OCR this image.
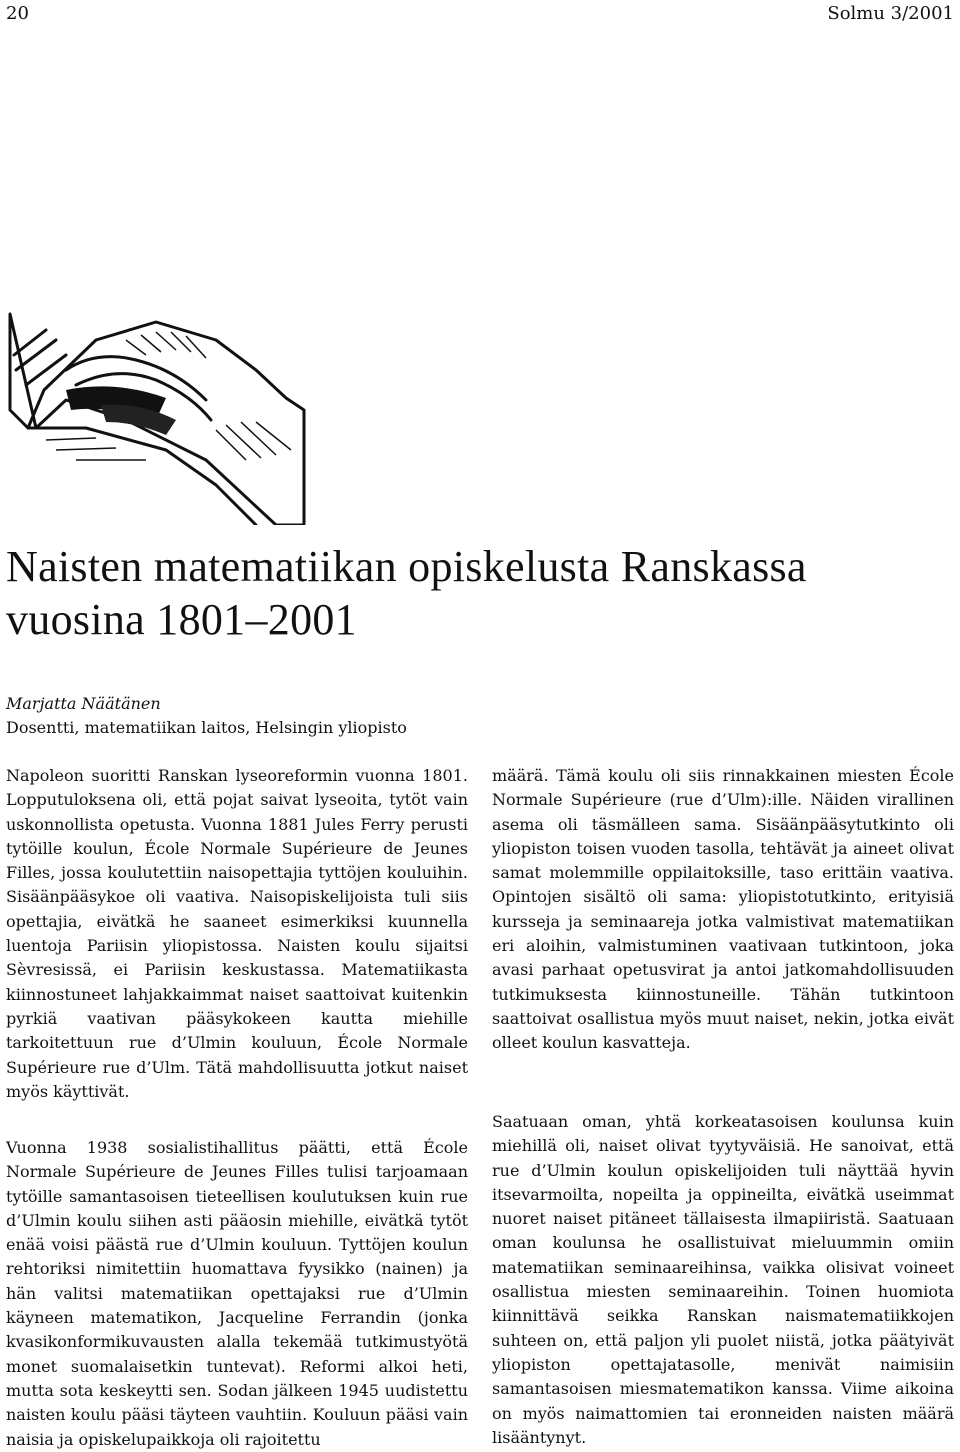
20	Solmu 3/2001
Naisten matematiikan opiskelusta Ranskassa vuosina 1801–2001
Marjatta Näätänen
Dosentti, matematiikan laitos, Helsingin yliopisto

Napoleon suoritti Ranskan lyseoreformin vuonna 1801. Lopputuloksena oli, että pojat saivat lyseoita, tytöt vain uskonnollista opetusta. Vuonna 1881 Jules Ferry perusti tytöille koulun, École Normale Supérieure de Jeunes Filles, jossa koulutettiin naisopettajia tyttöjen kouluihin. Sisäänpääsykoe oli vaativa. Naisopiskelijoista tuli siis opettajia, eivätkä he saaneet esimerkiksi kuunnella luentoja Pariisin yliopistossa. Naisten koulu sijaitsi Sèvresissä, ei Pariisin keskustassa. Matematiikasta kiinnostuneet lahjakkaimmat naiset saattoivat kuitenkin pyrkiä vaativan pääsykokeen kautta miehille tarkoitettuun rue d’Ulmin kouluun, École Normale Supérieure rue d’Ulm. Tätä mahdollisuutta jotkut naiset myös käyttivät.

Vuonna 1938 sosialistihallitus päätti, että École Normale Supérieure de Jeunes Filles tulisi tarjoamaan tytöille samantasoisen tieteellisen koulutuksen kuin rue d’Ulmin koulu siihen asti pääosin miehille, eivätkä tytöt enää voisi päästä rue d’Ulmin kouluun. Tyttöjen koulun rehtoriksi nimitettiin huomattava fyysikko (nainen) ja hän valitsi matematiikan opettajaksi rue d’Ulmin käyneen matematikon, Jacqueline Ferrandin (jonka kvasikonformikuvausten alalla tekemää tutkimustyötä monet suomalaisetkin tuntevat). Reformi alkoi heti, mutta sota keskeytti sen. Sodan jälkeen 1945 uudistettu naisten koulu pääsi täyteen vauhtiin. Kouluun pääsi vain naisia ja opiskelupaikkoja oli rajoitettu

määrä. Tämä koulu oli siis rinnakkainen miesten École Normale Supérieure (rue d’Ulm):ille. Näiden virallinen asema oli täsmälleen sama. Sisäänpääsytutkinto oli yliopiston toisen vuoden tasolla, tehtävät ja aineet olivat samat molemmille oppilaitoksille, taso erittäin vaativa. Opintojen sisältö oli sama: yliopistotutkinto, erityisiä kursseja ja seminaareja jotka valmistivat matematiikan eri aloihin, valmistuminen vaativaan tutkintoon, joka avasi parhaat opetusvirat ja antoi jatkomahdollisuuden tutkimuksesta kiinnostuneille. Tähän tutkintoon saattoivat osallistua myös muut naiset, nekin, jotka eivät olleet koulun kasvatteja.

Saatuaan oman, yhtä korkeatasoisen koulunsa kuin miehillä oli, naiset olivat tyytyväisiä. He sanoivat, että rue d’Ulmin koulun opiskelijoiden tuli näyttää hyvin itsevarmoilta, nopeilta ja oppineilta, eivätkä useimmat nuoret naiset pitäneet tällaisesta ilmapiiristä. Saatuaan oman koulunsa he osallistuivat mieluummin omiin matematiikan seminaareihinsa, vaikka olisivat voineet osallistua miesten seminaareihin. Toinen huomiota kiinnittävä seikka Ranskan naismatematiikkojen suhteen on, että paljon yli puolet niistä, jotka päätyivät yliopiston opettajatasolle, menivät naimisiin samantasoisen miesmatematikon kanssa. Viime aikoina on myös naimattomien tai eronneiden naisten määrä lisääntynyt.
